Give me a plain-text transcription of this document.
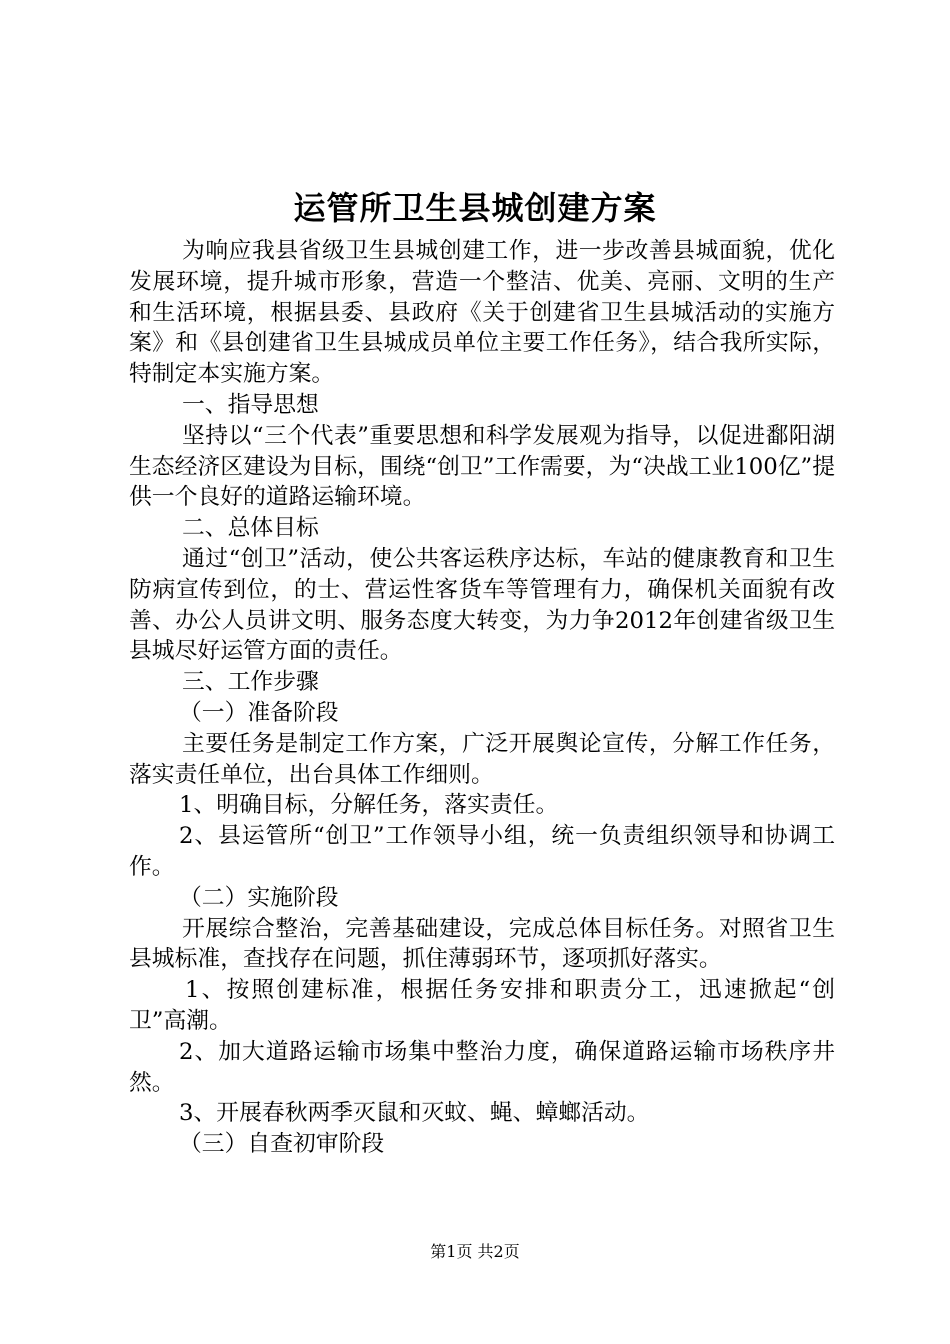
运管所卫生县城创建方案

为响应我县省级卫生县城创建工作，进一步改善县城面貌，优化发展环境，提升城市形象，营造一个整洁、优美、亮丽、文明的生产和生活环境，根据县委、县政府《关于创建省卫生县城活动的实施方案》和《县创建省卫生县城成员单位主要工作任务》，结合我所实际，特制定本实施方案。

一、指导思想

坚持以“三个代表”重要思想和科学发展观为指导，以促进鄱阳湖生态经济区建设为目标，围绕“创卫”工作需要，为“决战工业100亿”提供一个良好的道路运输环境。

二、总体目标

通过“创卫”活动，使公共客运秩序达标，车站的健康教育和卫生防病宣传到位，的士、营运性客货车等管理有力，确保机关面貌有改善、办公人员讲文明、服务态度大转变，为力争2012年创建省级卫生县城尽好运管方面的责任。

三、工作步骤

（一）准备阶段

主要任务是制定工作方案，广泛开展舆论宣传，分解工作任务，落实责任单位，出台具体工作细则。

1、明确目标，分解任务，落实责任。

2、县运管所“创卫”工作领导小组，统一负责组织领导和协调工作。

（二）实施阶段

开展综合整治，完善基础建设，完成总体目标任务。对照省卫生县城标准，查找存在问题，抓住薄弱环节，逐项抓好落实。

1、按照创建标准，根据任务安排和职责分工，迅速掀起“创卫”高潮。

2、加大道路运输市场集中整治力度，确保道路运输市场秩序井然。

3、开展春秋两季灭鼠和灭蚊、蝇、蟑螂活动。

（三）自查初审阶段

第1页 共2页
